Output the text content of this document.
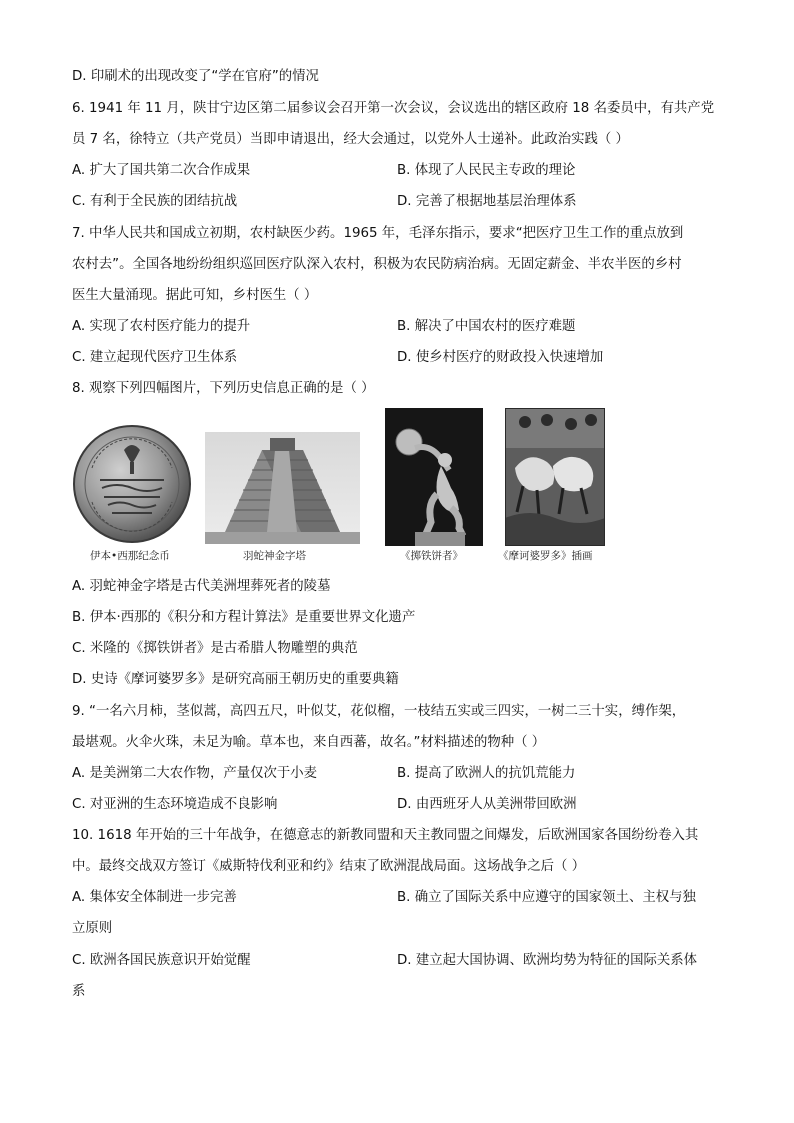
D. 印刷术的出现改变了“学在官府”的情况
6. 1941 年 11 月，陕甘宁边区第二届参议会召开第一次会议，会议选出的辖区政府 18 名委员中，有共产党
员 7 名，徐特立（共产党员）当即申请退出，经大会通过，以党外人士递补。此政治实践（ ）
A. 扩大了国共第二次合作成果	B. 体现了人民民主专政的理论
C. 有利于全民族的团结抗战	D. 完善了根据地基层治理体系
7. 中华人民共和国成立初期，农村缺医少药。1965 年，毛泽东指示，要求“把医疗卫生工作的重点放到
农村去”。全国各地纷纷组织巡回医疗队深入农村，积极为农民防病治病。无固定薪金、半农半医的乡村
医生大量涌现。据此可知，乡村医生（ ）
A. 实现了农村医疗能力的提升	B. 解决了中国农村的医疗难题
C. 建立起现代医疗卫生体系	D. 使乡村医疗的财政投入快速增加
8. 观察下列四幅图片，下列历史信息正确的是（ ）
伊本•西那纪念币	羽蛇神金字塔	《掷铁饼者》	《摩诃婆罗多》插画
A. 羽蛇神金字塔是古代美洲埋葬死者的陵墓
B. 伊本·西那的《积分和方程计算法》是重要世界文化遗产
C. 米隆的《掷铁饼者》是古希腊人物雕塑的典范
D. 史诗《摩诃婆罗多》是研究高丽王朝历史的重要典籍
9. “一名六月柿，茎似蒿，高四五尺，叶似艾，花似榴，一枝结五实或三四实，一树二三十实，缚作架，
最堪观。火伞火珠，未足为喻。草本也，来自西蕃，故名。”材料描述的物种（ ）
A. 是美洲第二大农作物，产量仅次于小麦	B. 提高了欧洲人的抗饥荒能力
C. 对亚洲的生态环境造成不良影响	D. 由西班牙人从美洲带回欧洲
10. 1618 年开始的三十年战争，在德意志的新教同盟和天主教同盟之间爆发，后欧洲国家各国纷纷卷入其
中。最终交战双方签订《威斯特伐利亚和约》结束了欧洲混战局面。这场战争之后（ ）
A. 集体安全体制进一步完善	B. 确立了国际关系中应遵守的国家领土、主权与独
立原则
C. 欧洲各国民族意识开始觉醒	D. 建立起大国协调、欧洲均势为特征的国际关系体
系
